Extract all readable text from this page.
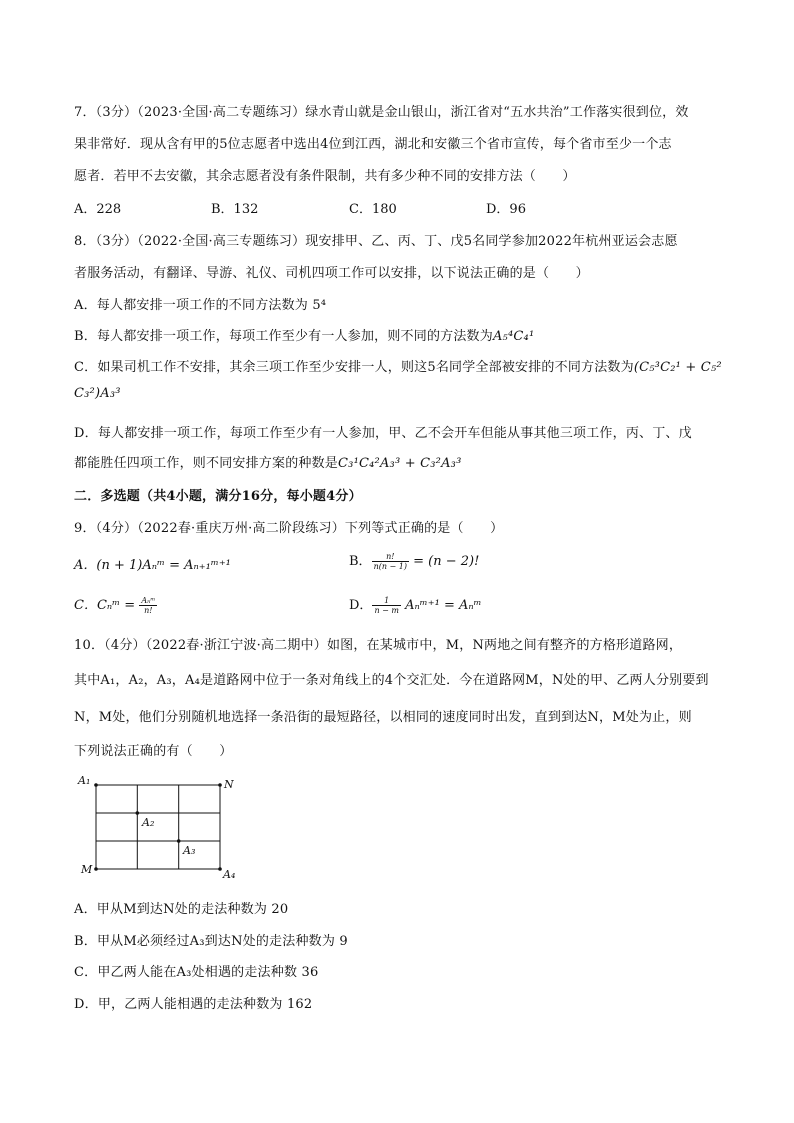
7．（3分）（2023·全国·高二专题练习）绿水青山就是金山银山，浙江省对“五水共治”工作落实很到位，效
果非常好．现从含有甲的5位志愿者中选出4位到江西，湖北和安徽三个省市宣传，每个省市至少一个志
愿者．若甲不去安徽，其余志愿者没有条件限制，共有多少种不同的安排方法（　　）
A．228	B．132	C．180	D．96
8．（3分）（2022·全国·高三专题练习）现安排甲、乙、丙、丁、戊5名同学参加2022年杭州亚运会志愿
者服务活动，有翻译、导游、礼仪、司机四项工作可以安排，以下说法正确的是（　　）
A．每人都安排一项工作的不同方法数为 5⁴
B．每人都安排一项工作，每项工作至少有一人参加，则不同的方法数为A₅⁴C₄¹
C．如果司机工作不安排，其余三项工作至少安排一人，则这5名同学全部被安排的不同方法数为(C₅³C₂¹ + C₅²
C₃²)A₃³
D．每人都安排一项工作，每项工作至少有一人参加，甲、乙不会开车但能从事其他三项工作，丙、丁、戊
都能胜任四项工作，则不同安排方案的种数是C₃¹C₄²A₃³ + C₃²A₃³
二．多选题（共4小题，满分16分，每小题4分）
9．（4分）（2022春·重庆万州·高二阶段练习）下列等式正确的是（　　）
A．(n + 1)Aₙᵐ = Aₙ₊₁ᵐ⁺¹	B． $\frac{n!}{n(n - 1)} = (n - 2)$!
C．Cₙᵐ = $\frac{\text{Aₙᵐ}}{n!}$	D． $\frac{1}{n - m}$ Aₙᵐ⁺¹ = Aₙᵐ
10．（4分）（2022春·浙江宁波·高二期中）如图，在某城市中，M，N两地之间有整齐的方格形道路网，
其中A₁，A₂，A₃，A₄是道路网中位于一条对角线上的4个交汇处．今在道路网M，N处的甲、乙两人分别要到
N，M处，他们分别随机地选择一条沿街的最短路径，以相同的速度同时出发，直到到达N，M处为止，则
下列说法正确的有（　　）
A₁	N
A₂
A₃
M	A₄
A．甲从M到达N处的走法种数为 20
B．甲从M必须经过A₃到达N处的走法种数为 9
C．甲乙两人能在A₃处相遇的走法种数 36
D．甲，乙两人能相遇的走法种数为 162
